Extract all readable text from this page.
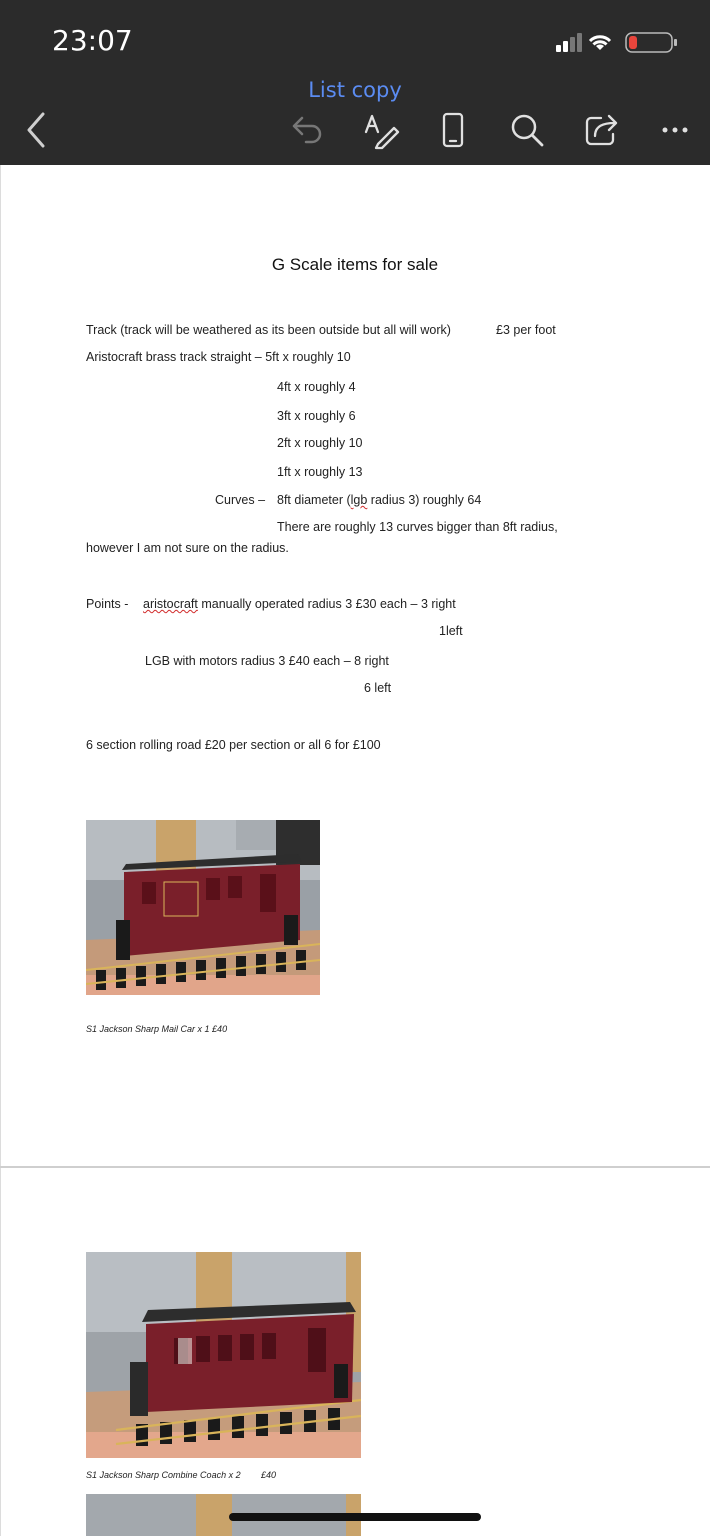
23:07
List copy
G Scale items for sale
Track (track will be weathered as its been outside but all will work)	£3 per foot
Aristocraft brass track straight – 5ft x roughly 10
4ft x roughly 4
3ft x roughly 6
2ft x roughly 10
1ft x roughly 13
Curves – 8ft diameter (lgb radius 3) roughly 64
There are roughly 13 curves bigger than 8ft radius,
however I am not sure on the radius.
Points - aristocraft manually operated radius 3 £30 each – 3 right
1left
LGB with motors radius 3 £40 each – 8 right
6 left
6 section rolling road £20 per section or all 6 for £100
S1 Jackson Sharp Mail Car x 1 £40
S1 Jackson Sharp Combine Coach x 2 £40
